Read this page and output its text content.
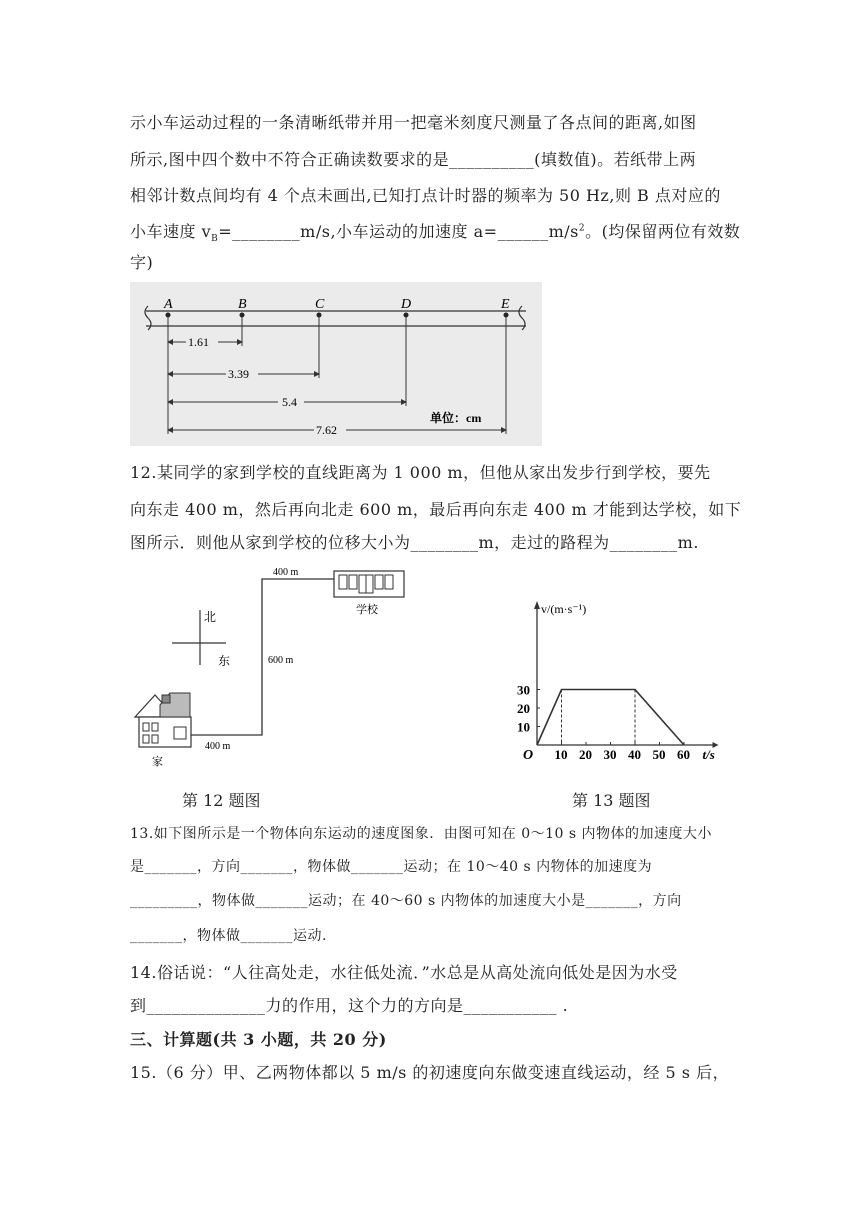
示小车运动过程的一条清晰纸带并用一把毫米刻度尺测量了各点间的距离,如图
所示,图中四个数中不符合正确读数要求的是__________(填数值)。若纸带上两
相邻计数点间均有 4 个点未画出,已知打点计时器的频率为 50 Hz,则 B 点对应的
小车速度 $v_B=\_\_\_\_\_\_\_\_m/s$,小车运动的加速度 $a=\_\_\_\_\_\_m/s^2$。(均保留两位有效数
字)
A	B	C	D	E
1.61
3.39
5.4
7.62
单位：cm
12.某同学的家到学校的直线距离为 1 000 m，但他从家出发步行到学校，要先
向东走 400 m，然后再向北走 600 m，最后再向东走 400 m 才能到达学校，如下
图所示．则他从家到学校的位移大小为________m，走过的路程为________m.
北
东
400 m
600 m
400 m
学校
家	10 20 30 40 50 60
10
20
30
O
v/(m·s⁻¹)
t/s
第 12 题图	第 13 题图
13.如下图所示是一个物体向东运动的速度图象．由图可知在 0～10 s 内物体的加速度大小
是_______，方向_______，物体做_______运动；在 10～40 s 内物体的加速度为
_________，物体做_______运动；在 40～60 s 内物体的加速度大小是_______，方向
_______，物体做_______运动.
14.俗话说：“人往高处走，水往低处流．”水总是从高处流向低处是因为水受
到______________力的作用，这个力的方向是___________ .
三、计算题(共 3 小题，共 20 分)
15.（6 分）甲、乙两物体都以 5 m/s 的初速度向东做变速直线运动，经 5 s 后，
